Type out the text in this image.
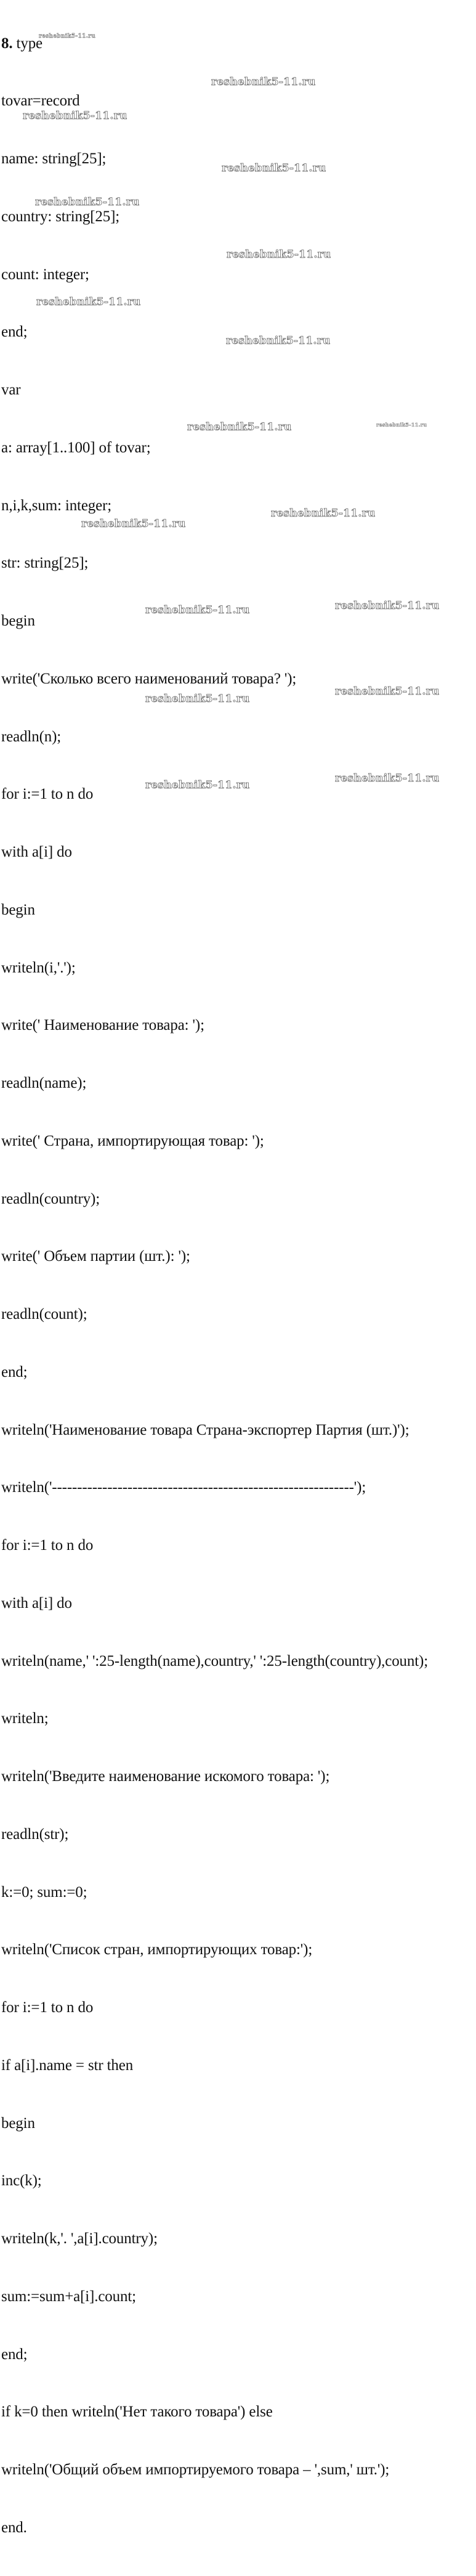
8. type

tovar=record

name: string[25];

country: string[25];

count: integer;

end;

var

a: array[1..100] of tovar;

n,i,k,sum: integer;

str: string[25];

begin

write('Сколько всего наименований товара? ');

readln(n);

for i:=1 to n do

with a[i] do

begin

writeln(i,'.');

write(' Наименование товара: ');

readln(name);

write(' Страна, импортирующая товар: ');

readln(country);

write(' Объем партии (шт.): ');

readln(count);

end;

writeln('Наименование товара Страна-экспортер Партия (шт.)');

writeln('------------------------------------------------------------');

for i:=1 to n do

with a[i] do

writeln(name,' ':25-length(name),country,' ':25-length(country),count);

writeln;

writeln('Введите наименование искомого товара: ');

readln(str);

k:=0; sum:=0;

writeln('Список стран, импортирующих товар:');

for i:=1 to n do

if a[i].name = str then

begin

inc(k);

writeln(k,'. ',a[i].country);

sum:=sum+a[i].count;

end;

if k=0 then writeln('Нет такого товара') else

writeln('Общий объем импортируемого товара – ',sum,' шт.');

end.

reshebnik5-11.ru
reshebnik5-11.ru
reshebnik5-11.ru
reshebnik5-11.ru
reshebnik5-11.ru
reshebnik5-11.ru
reshebnik5-11.ru
reshebnik5-11.ru
reshebnik5-11.ru	reshebnik5-11.ru
reshebnik5-11.ru
reshebnik5-11.ru
reshebnik5-11.ru
reshebnik5-11.ru
reshebnik5-11.ru
reshebnik5-11.ru
reshebnik5-11.ru
reshebnik5-11.ru
